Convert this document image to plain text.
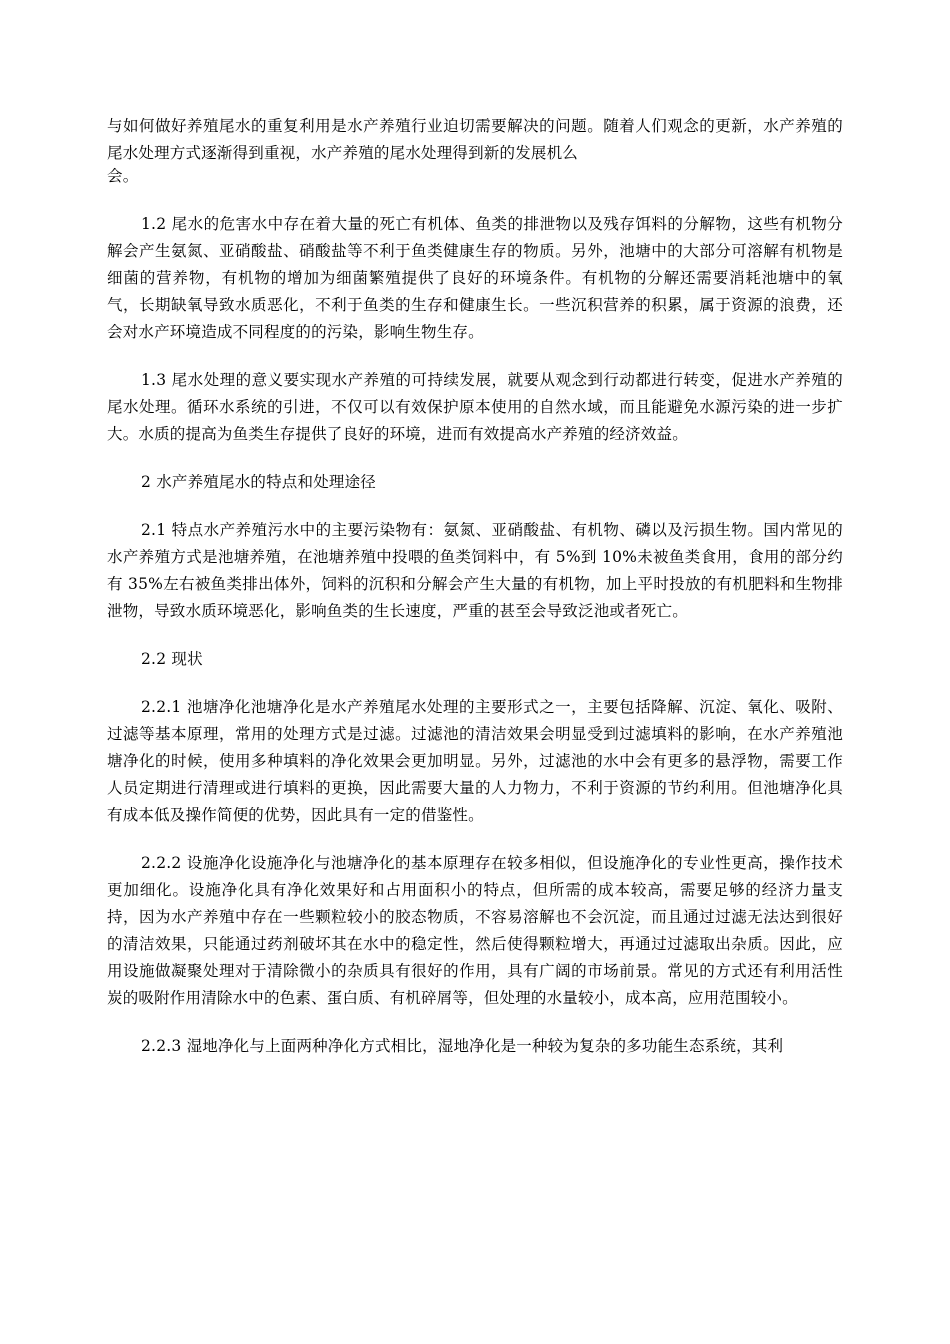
与如何做好养殖尾水的重复利用是水产养殖行业迫切需要解决的问题。随着人们观念的更新，水产养殖的尾水处理方式逐渐得到重视，水产养殖的尾水处理得到新的发展机么

会。

1.2 尾水的危害水中存在着大量的死亡有机体、鱼类的排泄物以及残存饵料的分解物，这些有机物分解会产生氨氮、亚硝酸盐、硝酸盐等不利于鱼类健康生存的物质。另外，池塘中的大部分可溶解有机物是细菌的营养物，有机物的增加为细菌繁殖提供了良好的环境条件。有机物的分解还需要消耗池塘中的氧气，长期缺氧导致水质恶化，不利于鱼类的生存和健康生长。一些沉积营养的积累，属于资源的浪费，还会对水产环境造成不同程度的的污染，影响生物生存。

1.3 尾水处理的意义要实现水产养殖的可持续发展，就要从观念到行动都进行转变，促进水产养殖的尾水处理。循环水系统的引进，不仅可以有效保护原本使用的自然水域，而且能避免水源污染的进一步扩大。水质的提高为鱼类生存提供了良好的环境，进而有效提高水产养殖的经济效益。

2 水产养殖尾水的特点和处理途径

2.1 特点水产养殖污水中的主要污染物有：氨氮、亚硝酸盐、有机物、磷以及污损生物。国内常见的水产养殖方式是池塘养殖，在池塘养殖中投喂的鱼类饲料中，有 5%到 10%未被鱼类食用，食用的部分约有 35%左右被鱼类排出体外，饲料的沉积和分解会产生大量的有机物，加上平时投放的有机肥料和生物排泄物，导致水质环境恶化，影响鱼类的生长速度，严重的甚至会导致泛池或者死亡。

2.2 现状

2.2.1 池塘净化池塘净化是水产养殖尾水处理的主要形式之一，主要包括降解、沉淀、氧化、吸附、过滤等基本原理，常用的处理方式是过滤。过滤池的清洁效果会明显受到过滤填料的影响，在水产养殖池塘净化的时候，使用多种填料的净化效果会更加明显。另外，过滤池的水中会有更多的悬浮物，需要工作人员定期进行清理或进行填料的更换，因此需要大量的人力物力，不利于资源的节约利用。但池塘净化具有成本低及操作简便的优势，因此具有一定的借鉴性。

2.2.2 设施净化设施净化与池塘净化的基本原理存在较多相似，但设施净化的专业性更高，操作技术更加细化。设施净化具有净化效果好和占用面积小的特点，但所需的成本较高，需要足够的经济力量支持，因为水产养殖中存在一些颗粒较小的胶态物质，不容易溶解也不会沉淀，而且通过过滤无法达到很好的清洁效果，只能通过药剂破坏其在水中的稳定性，然后使得颗粒增大，再通过过滤取出杂质。因此，应用设施做凝聚处理对于清除微小的杂质具有很好的作用，具有广阔的市场前景。常见的方式还有利用活性炭的吸附作用清除水中的色素、蛋白质、有机碎屑等，但处理的水量较小，成本高，应用范围较小。

2.2.3 湿地净化与上面两种净化方式相比，湿地净化是一种较为复杂的多功能生态系统，其利
